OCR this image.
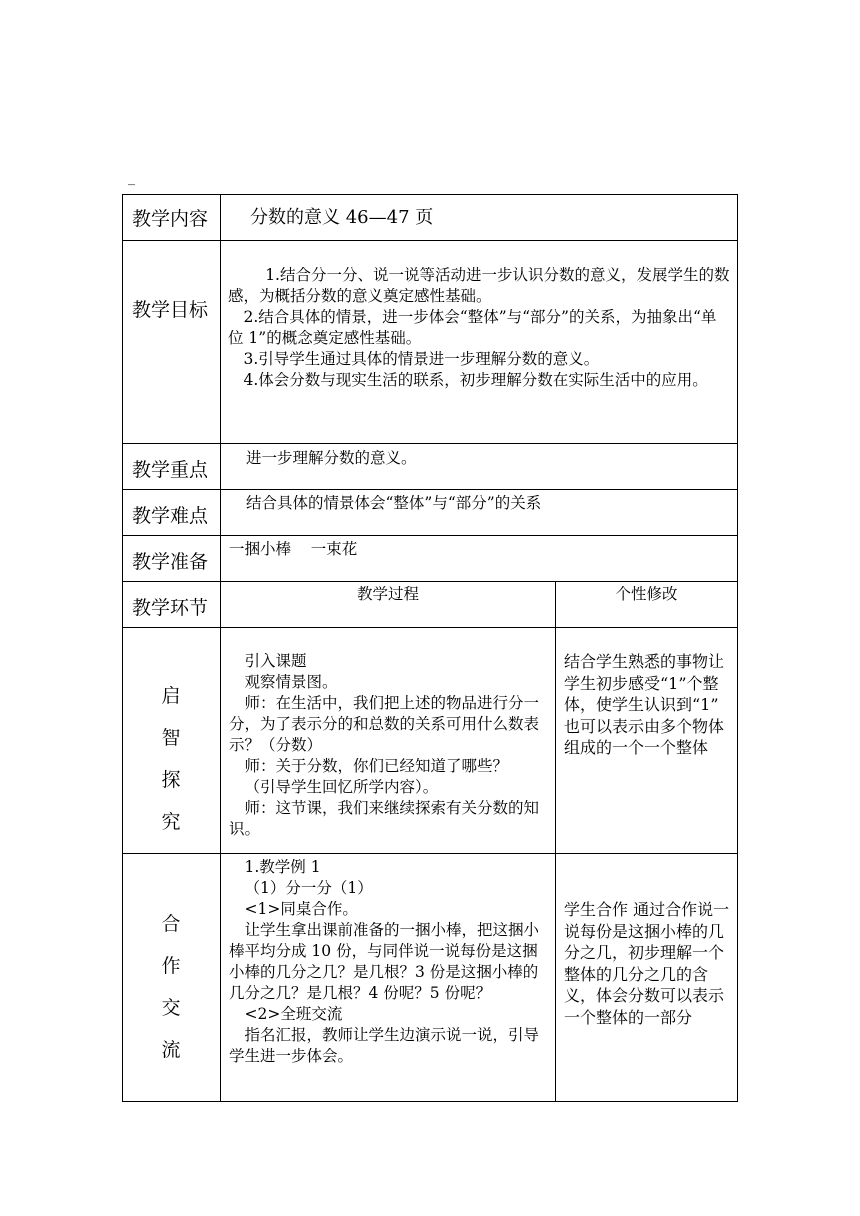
_
教学内容	分数的意义 46—47 页
教学目标

1.结合分一分、说一说等活动进一步认识分数的意义，发展学生的数感，为概括分数的意义奠定感性基础。

2.结合具体的情景，进一步体会“整体”与“部分”的关系，为抽象出“单位 1”的概念奠定感性基础。

3.引导学生通过具体的情景进一步理解分数的意义。

4.体会分数与现实生活的联系，初步理解分数在实际生活中的应用。

教学重点
进一步理解分数的意义。
教学难点
结合具体的情景体会“整体”与“部分”的关系
教学准备
一捆小棒    一束花
教学环节
教学过程	个性修改
启
智
探
究

引入课题

观察情景图。

师：在生活中，我们把上述的物品进行分一分，为了表示分的和总数的关系可用什么数表示？（分数）

师：关于分数，你们已经知道了哪些？

（引导学生回忆所学内容）。

师：这节课，我们来继续探索有关分数的知识。

结合学生熟悉的事物让学生初步感受“1”个整体，使学生认识到“1”

也可以表示由多个物体组成的一个一个整体

合
作
交
流

1.教学例 1

（1）分一分（1）

<1>同桌合作。

让学生拿出课前准备的一捆小棒，把这捆小棒平均分成 10 份，与同伴说一说每份是这捆小棒的几分之几？是几根？3 份是这捆小棒的几分之几？是几根？4 份呢？5 份呢？

<2>全班交流

指名汇报，教师让学生边演示说一说，引导学生进一步体会。

学生合作 通过合作说一说每份是这捆小棒的几分之几，初步理解一个整体的几分之几的含义，体会分数可以表示一个整体的一部分
